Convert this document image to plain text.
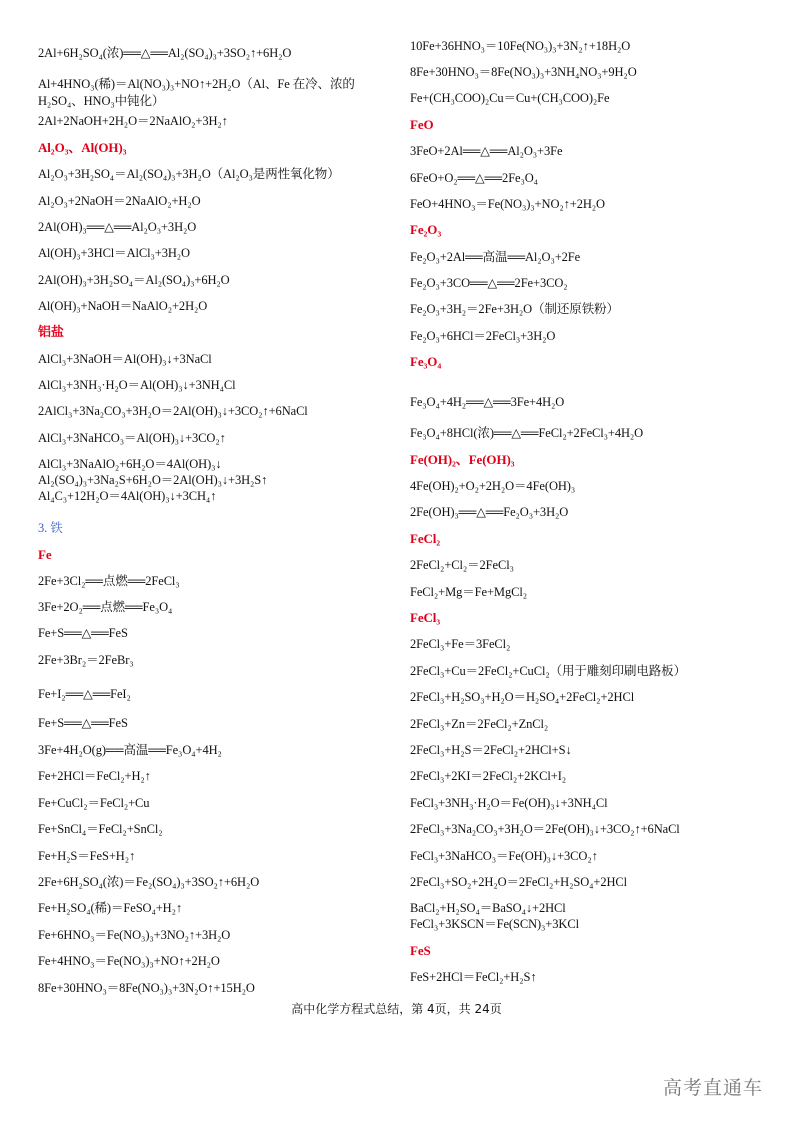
2Al+6H₂SO₄(浓)══△══Al₂(SO₄)₃+3SO₂↑+6H₂O
Al+4HNO₃(稀)＝Al(NO₃)₃+NO↑+2H₂O（Al、Fe 在冷、浓的 H₂SO₄、HNO₃中钝化）
2Al+2NaOH+2H₂O＝2NaAlO₂+3H₂↑
Al₂O₃、Al(OH)₃
Al₂O₃+3H₂SO₄＝Al₂(SO₄)₃+3H₂O（Al₂O₃是两性氧化物）
Al₂O₃+2NaOH＝2NaAlO₂+H₂O
2Al(OH)₃══△══Al₂O₃+3H₂O
Al(OH)₃+3HCl＝AlCl₃+3H₂O
2Al(OH)₃+3H₂SO₄＝Al₂(SO₄)₃+6H₂O
Al(OH)₃+NaOH＝NaAlO₂+2H₂O
铝盐
AlCl₃+3NaOH＝Al(OH)₃↓+3NaCl
AlCl₃+3NH₃·H₂O＝Al(OH)₃↓+3NH₄Cl
2AlCl₃+3Na₂CO₃+3H₂O＝2Al(OH)₃↓+3CO₂↑+6NaCl
AlCl₃+3NaHCO₃＝Al(OH)₃↓+3CO₂↑
AlCl₃+3NaAlO₂+6H₂O＝4Al(OH)₃↓
Al₂(SO₄)₃+3Na₂S+6H₂O＝2Al(OH)₃↓+3H₂S↑
Al₄C₃+12H₂O＝4Al(OH)₃↓+3CH₄↑
3. 铁
Fe
2Fe+3Cl₂══点燃══2FeCl₃
3Fe+2O₂══点燃══Fe₃O₄
Fe+S══△══FeS
2Fe+3Br₂＝2FeBr₃
Fe+I₂══△══FeI₂
Fe+S══△══FeS
3Fe+4H₂O(g)══高温══Fe₃O₄+4H₂
Fe+2HCl＝FeCl₂+H₂↑
Fe+CuCl₂＝FeCl₂+Cu
Fe+SnCl₄＝FeCl₂+SnCl₂
Fe+H₂S＝FeS+H₂↑
2Fe+6H₂SO₄(浓)＝Fe₂(SO₄)₃+3SO₂↑+6H₂O
Fe+H₂SO₄(稀)＝FeSO₄+H₂↑
Fe+6HNO₃＝Fe(NO₃)₃+3NO₂↑+3H₂O
Fe+4HNO₃＝Fe(NO₃)₃+NO↑+2H₂O
8Fe+30HNO₃＝8Fe(NO₃)₃+3N₂O↑+15H₂O
10Fe+36HNO₃＝10Fe(NO₃)₃+3N₂↑+18H₂O
8Fe+30HNO₃＝8Fe(NO₃)₃+3NH₄NO₃+9H₂O
Fe+(CH₃COO)₂Cu＝Cu+(CH₃COO)₂Fe
FeO
3FeO+2Al══△══Al₂O₃+3Fe
6FeO+O₂══△══2Fe₃O₄
FeO+4HNO₃＝Fe(NO₃)₃+NO₂↑+2H₂O
Fe₂O₃
Fe₂O₃+2Al══高温══Al₂O₃+2Fe
Fe₂O₃+3CO══△══2Fe+3CO₂
Fe₂O₃+3H₂＝2Fe+3H₂O（制还原铁粉）
Fe₂O₃+6HCl＝2FeCl₃+3H₂O
Fe₃O₄
Fe₃O₄+4H₂══△══3Fe+4H₂O
Fe₃O₄+8HCl(浓)══△══FeCl₂+2FeCl₃+4H₂O
Fe(OH)₂、Fe(OH)₃
4Fe(OH)₂+O₂+2H₂O＝4Fe(OH)₃
2Fe(OH)₃══△══Fe₂O₃+3H₂O
FeCl₂
2FeCl₂+Cl₂＝2FeCl₃
FeCl₂+Mg＝Fe+MgCl₂
FeCl₃
2FeCl₃+Fe＝3FeCl₂
2FeCl₃+Cu＝2FeCl₂+CuCl₂（用于雕刻印刷电路板）
2FeCl₃+H₂SO₃+H₂O＝H₂SO₄+2FeCl₂+2HCl
2FeCl₃+Zn＝2FeCl₂+ZnCl₂
2FeCl₃+H₂S＝2FeCl₂+2HCl+S↓
2FeCl₃+2KI＝2FeCl₂+2KCl+I₂
FeCl₃+3NH₃·H₂O＝Fe(OH)₃↓+3NH₄Cl
2FeCl₃+3Na₂CO₃+3H₂O＝2Fe(OH)₃↓+3CO₂↑+6NaCl
FeCl₃+3NaHCO₃＝Fe(OH)₃↓+3CO₂↑
2FeCl₃+SO₂+2H₂O＝2FeCl₂+H₂SO₄+2HCl
BaCl₂+H₂SO₄＝BaSO₄↓+2HCl
FeCl₃+3KSCN＝Fe(SCN)₃+3KCl
FeS
FeS+2HCl＝FeCl₂+H₂S↑
高中化学方程式总结，第 4页，共 24页
高考直通车
